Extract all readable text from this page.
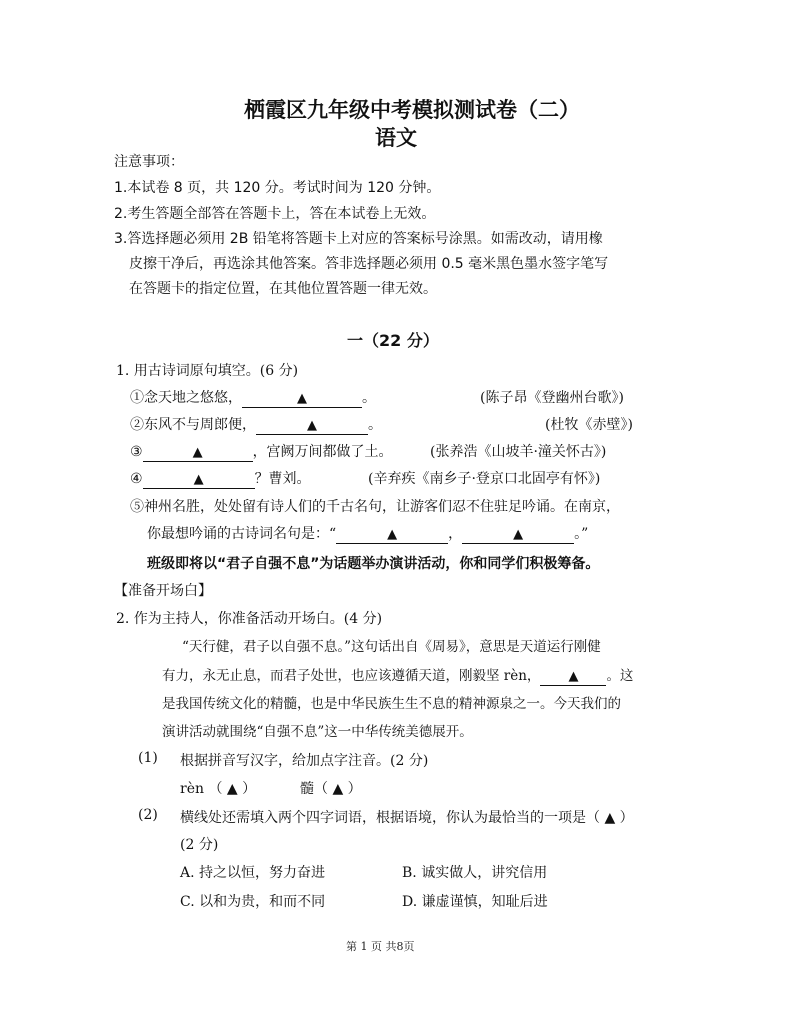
栖霞区九年级中考模拟测试卷（二）
语文
注意事项：
1.本试卷 8 页，共 120 分。考试时间为 120 分钟。
2.考生答题全部答在答题卡上，答在本试卷上无效。
3.答选择题必须用 2B 铅笔将答题卡上对应的答案标号涂黑。如需改动，请用橡
皮擦干净后，再选涂其他答案。答非选择题必须用 0.5 毫米黑色墨水签字笔写
在答题卡的指定位置，在其他位置答题一律无效。
一（22 分）
1. 用古诗词原句填空。(6 分)
①念天地之悠悠，	▲	。	(陈子昂《登幽州台歌》)
②东风不与周郎便，	▲	。	(杜牧《赤壁》)
③	▲	，宫阙万间都做了土。	(张养浩《山坡羊·潼关怀古》)
④	▲	？曹刘。	(辛弃疾《南乡子·登京口北固亭有怀》)
⑤神州名胜，处处留有诗人们的千古名句，让游客们忍不住驻足吟诵。在南京，
你最想吟诵的古诗词名句是：“	▲	，	▲	。”
班级即将以“君子自强不息”为话题举办演讲活动，你和同学们积极筹备。
【准备开场白】
2. 作为主持人，你准备活动开场白。(4 分)
“天行健，君子以自强不息。”这句话出自《周易》，意思是天道运行刚健
有力，永无止息，而君子处世，也应该遵循天道，刚毅坚 rèn， ▲ 。这
是我国传统文化的精髓，也是中华民族生生不息的精神源泉之一。今天我们的
演讲活动就围绕“自强不息”这一中华传统美德展开。
(1) 根据拼音写汉字，给加点字注音。(2 分)
rèn （ ▲ ）	髓（ ▲ ）
(2) 横线处还需填入两个四字词语，根据语境，你认为最恰当的一项是（ ▲ ）
(2 分)
A. 持之以恒，努力奋进	B. 诚实做人，讲究信用
C. 以和为贵，和而不同	D. 谦虚谨慎，知耻后进
第 1 页 共8页
